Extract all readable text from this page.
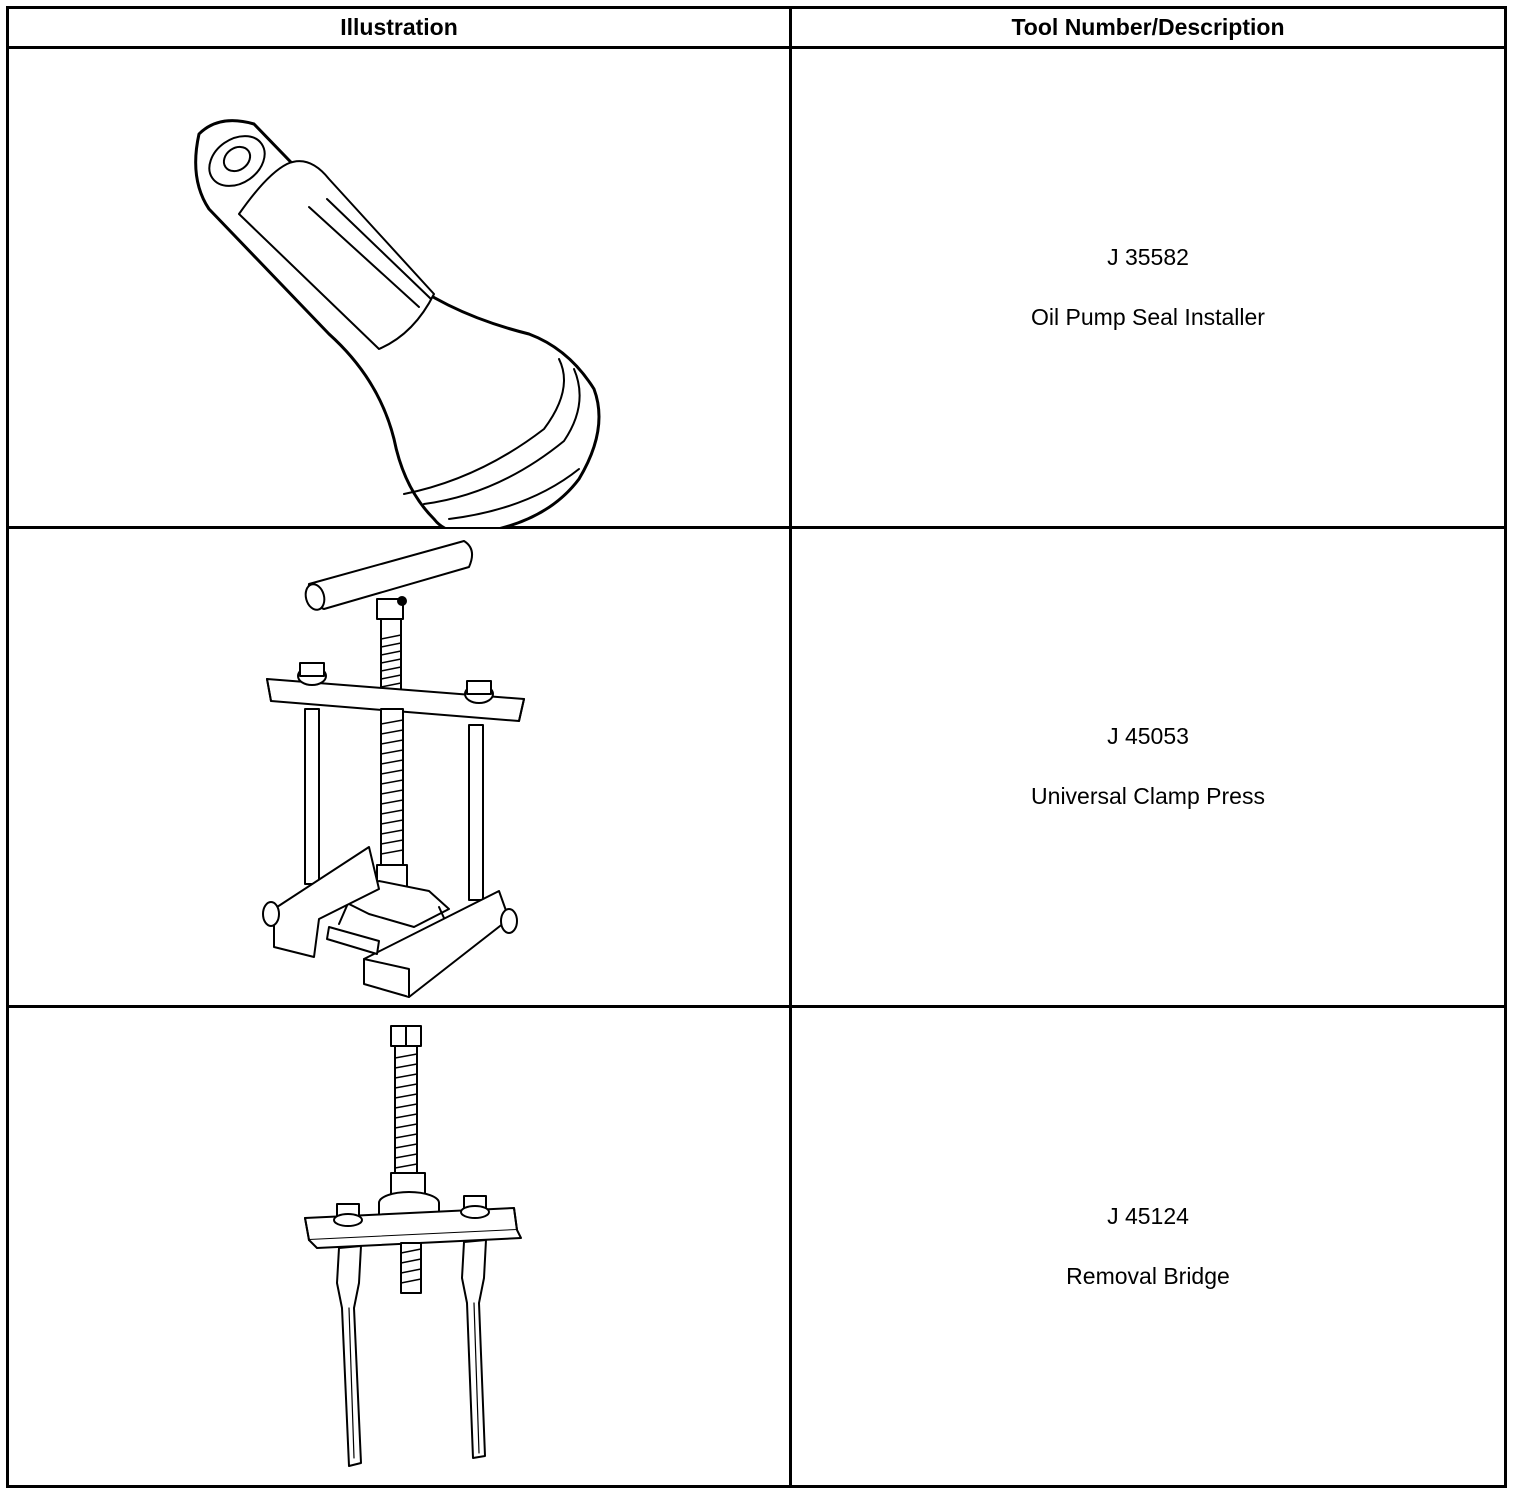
Illustration	Tool Number/Description

J 35582
Oil Pump Seal Installer

J 45053
Universal Clamp Press

J 45124
Removal Bridge
